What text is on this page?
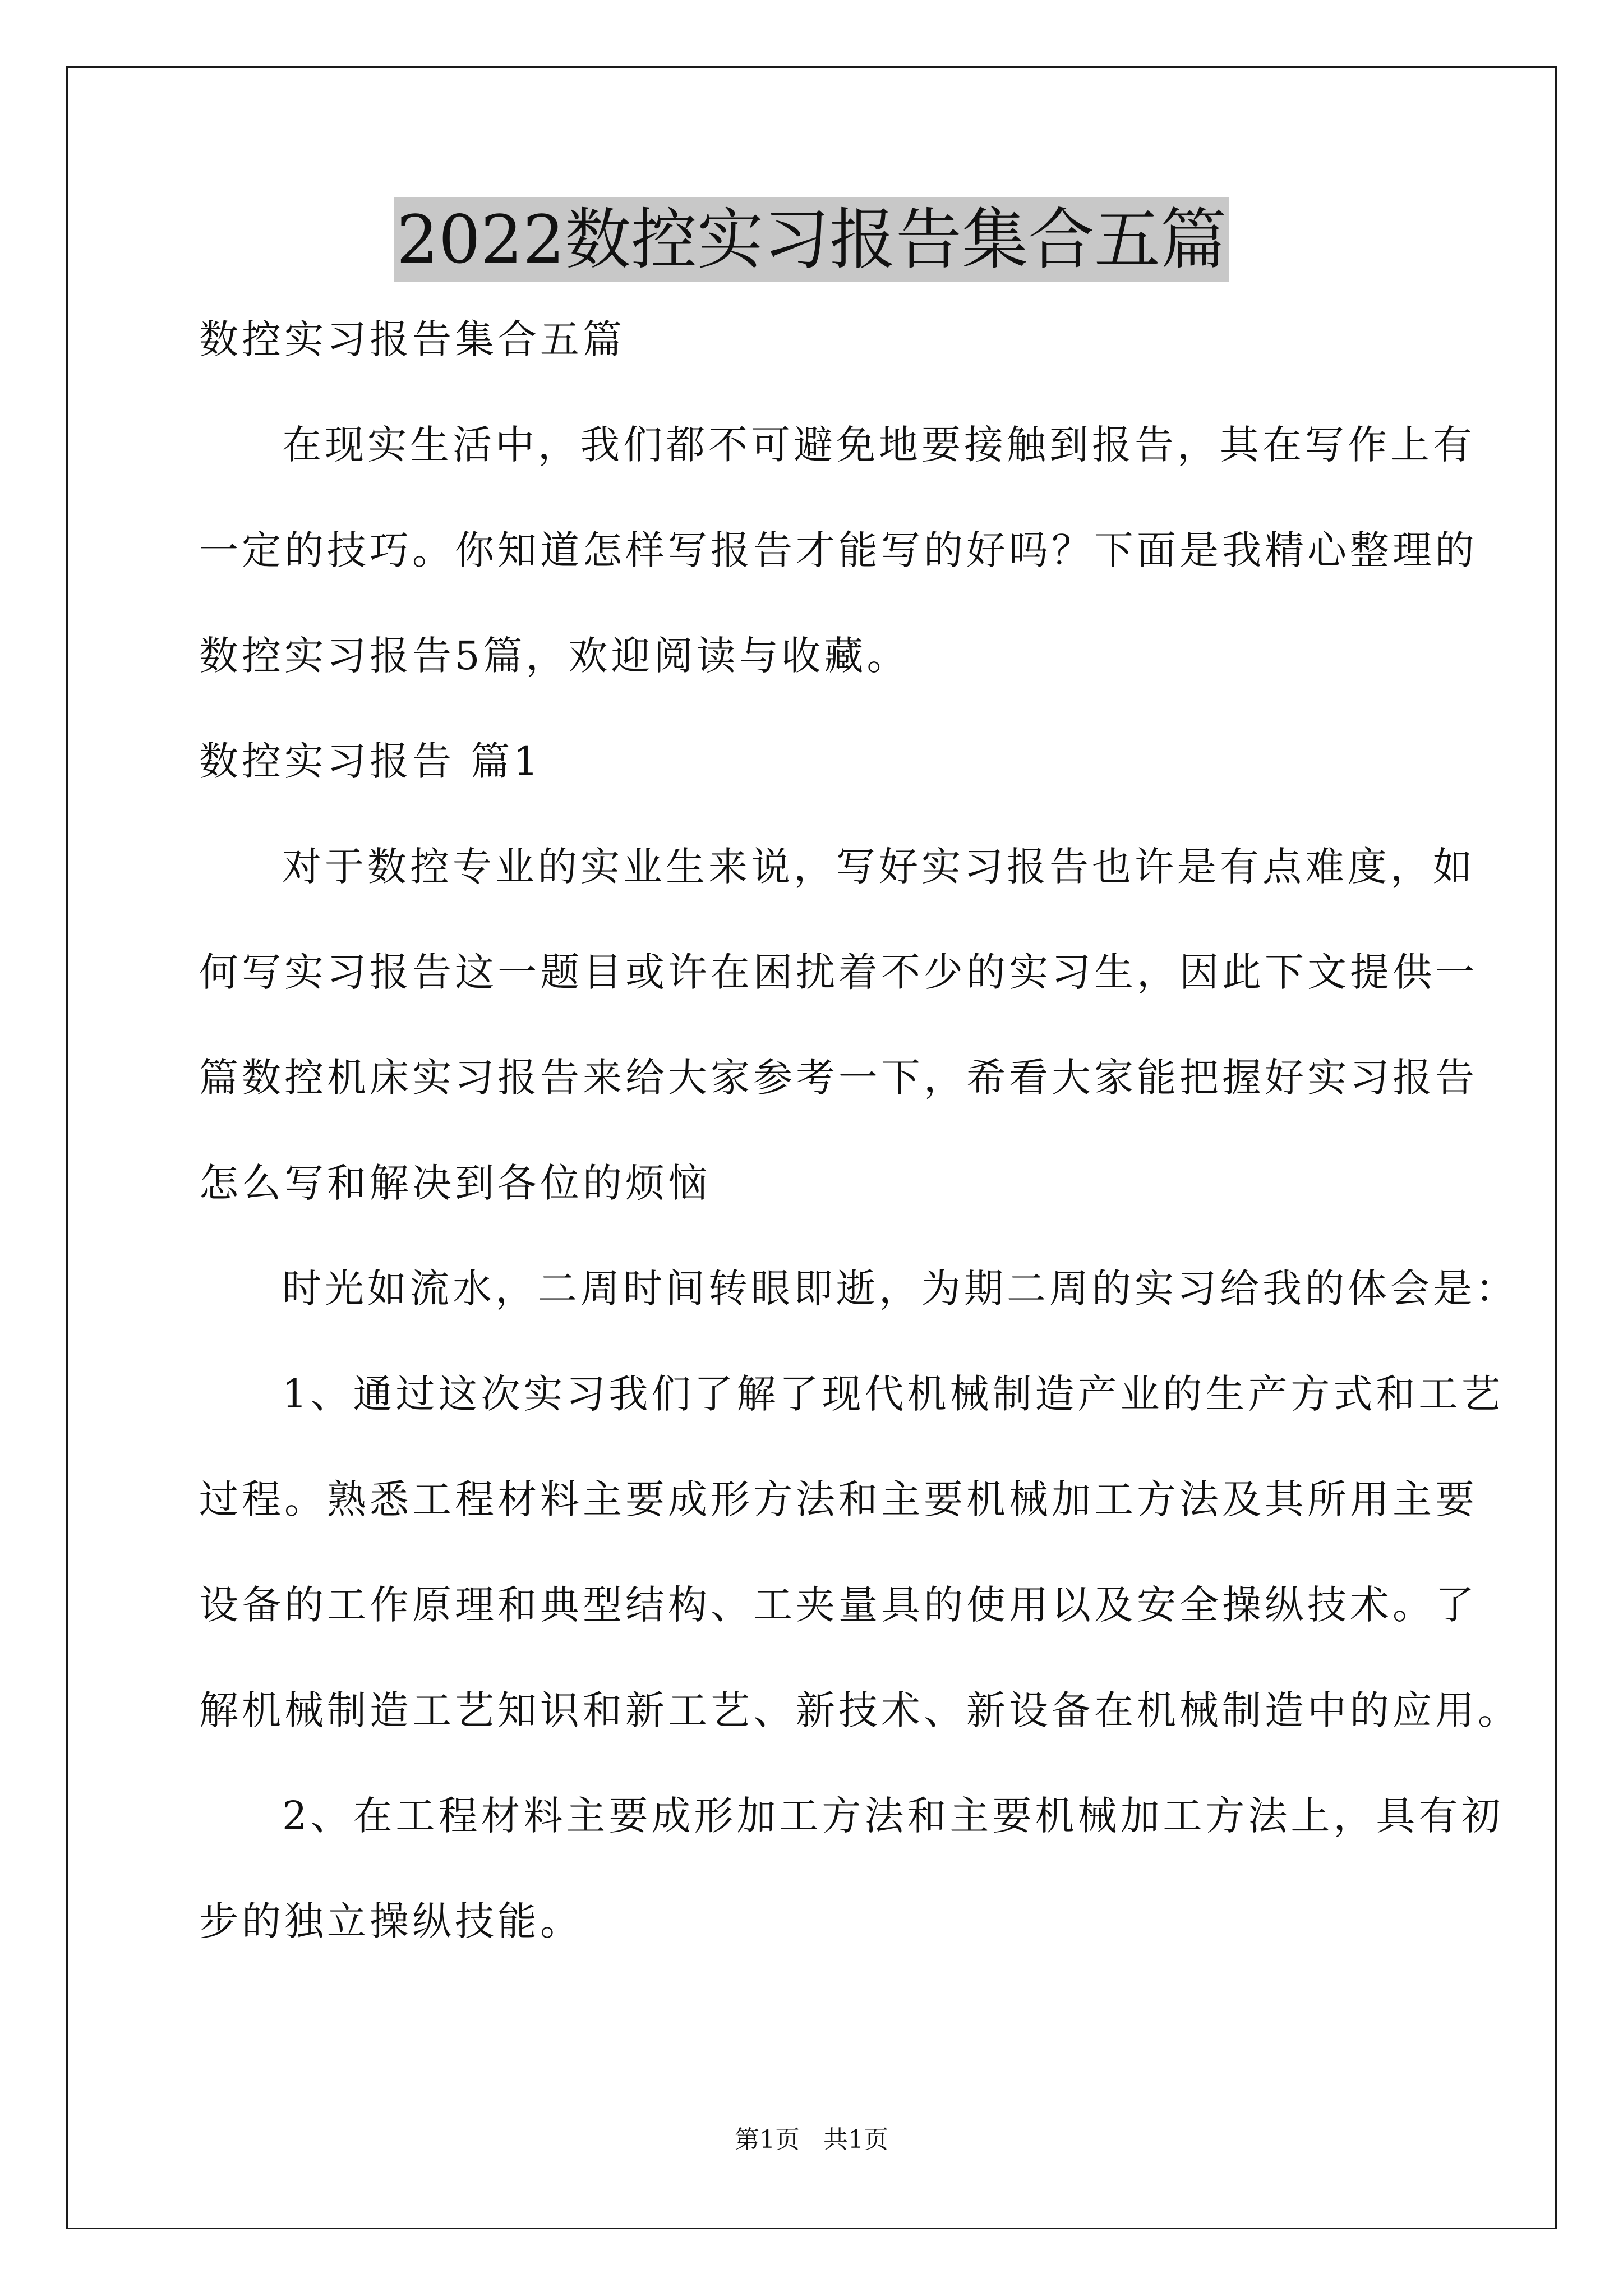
2022数控实习报告集合五篇
数控实习报告集合五篇
在现实生活中，我们都不可避免地要接触到报告，其在写作上有
一定的技巧。你知道怎样写报告才能写的好吗？下面是我精心整理的
数控实习报告5篇，欢迎阅读与收藏。
数控实习报告 篇1
对于数控专业的实业生来说，写好实习报告也许是有点难度，如
何写实习报告这一题目或许在困扰着不少的实习生，因此下文提供一
篇数控机床实习报告来给大家参考一下，希看大家能把握好实习报告
怎么写和解决到各位的烦恼
时光如流水，二周时间转眼即逝，为期二周的实习给我的体会是：
1、通过这次实习我们了解了现代机械制造产业的生产方式和工艺
过程。熟悉工程材料主要成形方法和主要机械加工方法及其所用主要
设备的工作原理和典型结构、工夹量具的使用以及安全操纵技术。了
解机械制造工艺知识和新工艺、新技术、新设备在机械制造中的应用。
2、在工程材料主要成形加工方法和主要机械加工方法上，具有初
步的独立操纵技能。
第1页   共1页
